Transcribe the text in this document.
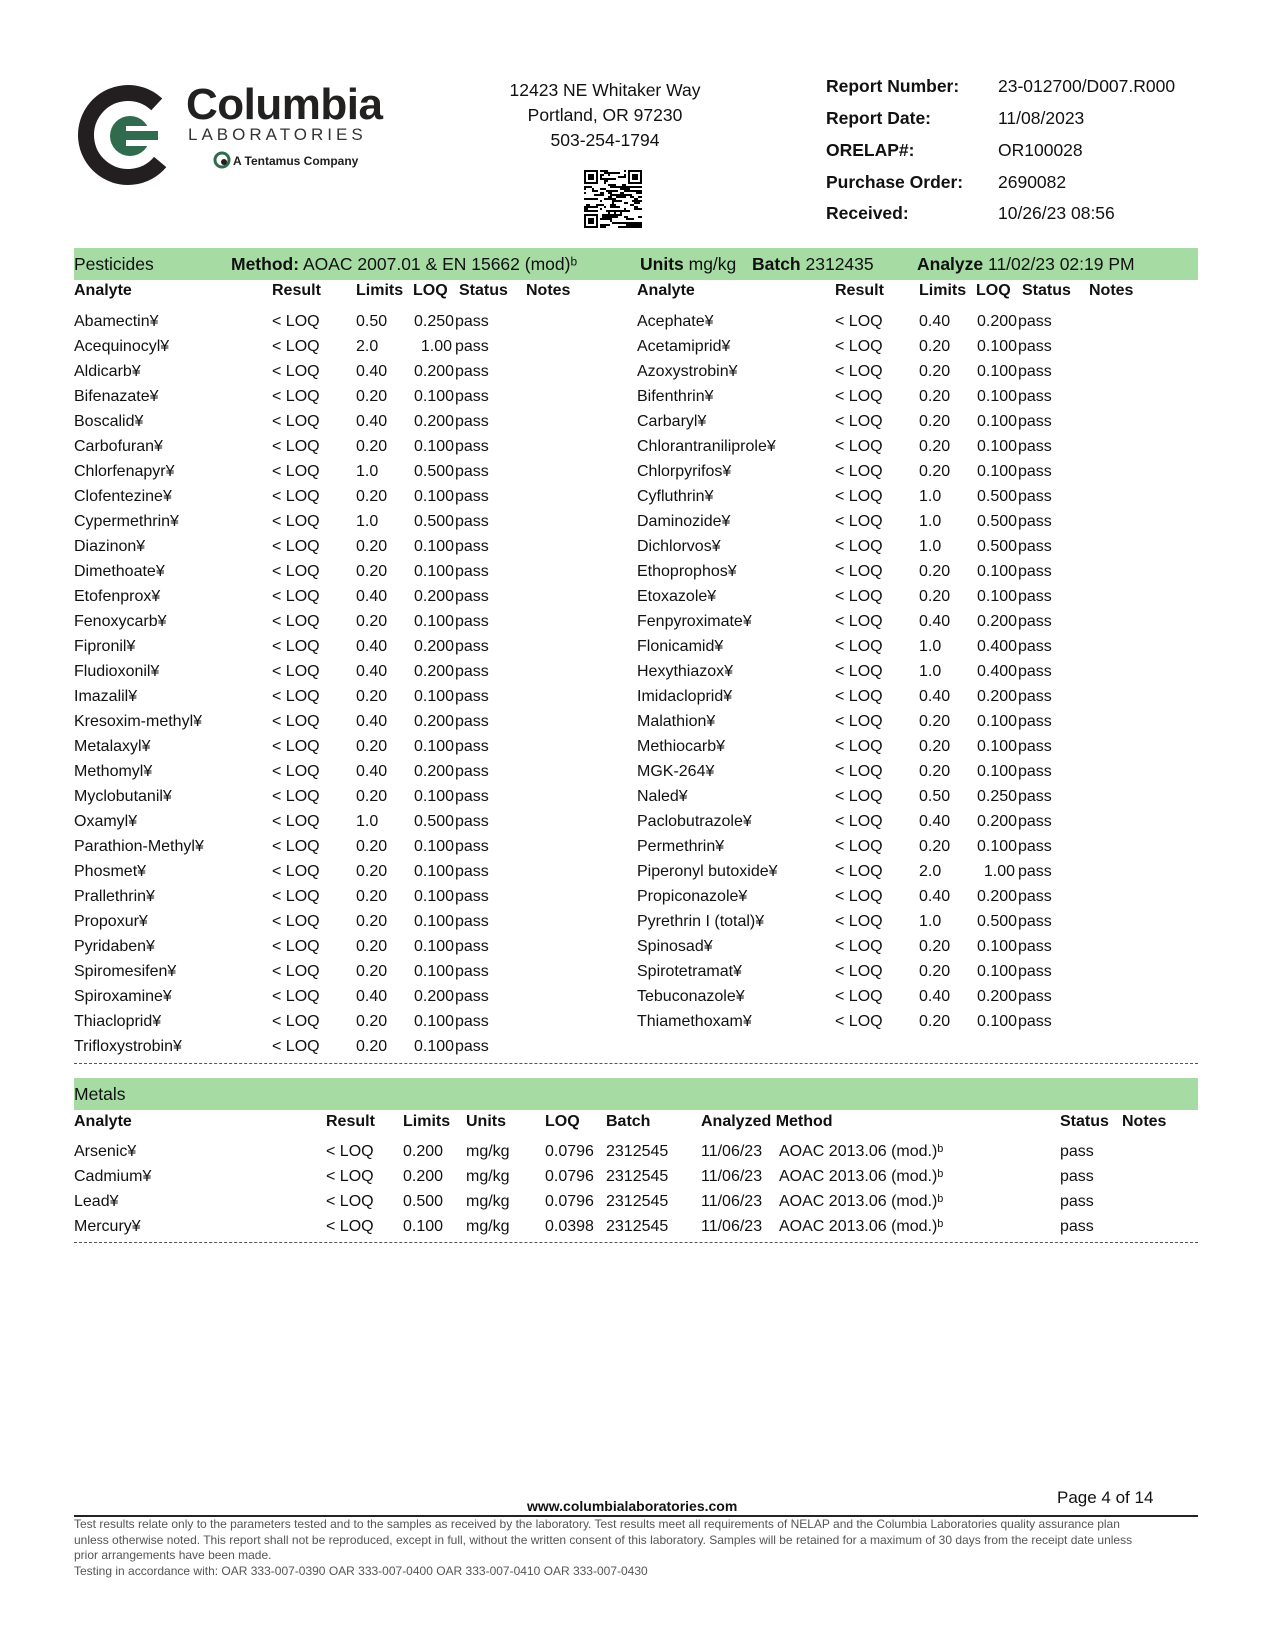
Columbia
LABORATORIES
A Tentamus Company
12423 NE Whitaker Way
Portland, OR 97230
503-254-1794
Report Number: 23-012700/D007.R000
Report Date:	11/08/2023
ORELAP#:	OR100028
Purchase Order: 2690082
Received:	10/26/23 08:56
Pesticides	Method: AOAC 2007.01 & EN 15662 (mod)ᵇ	Units mg/kg Batch 2312435 Analyze 11/02/23 02:19 PM
Analyte	Result Limits LOQ Status Notes	Analyte	Result Limits LOQ Status Notes
Abamectin¥	< LOQ 0.50 0.250 pass
Acequinocyl¥	< LOQ 2.0	1.00 pass
Aldicarb¥	< LOQ 0.40 0.200 pass
Bifenazate¥	< LOQ 0.20 0.100 pass
Boscalid¥	< LOQ 0.40 0.200 pass
Carbofuran¥	< LOQ 0.20 0.100 pass
Chlorfenapyr¥	< LOQ 1.0 0.500 pass
Clofentezine¥	< LOQ 0.20 0.100 pass
Cypermethrin¥	< LOQ 1.0 0.500 pass
Diazinon¥	< LOQ 0.20 0.100 pass
Dimethoate¥	< LOQ 0.20 0.100 pass
Etofenprox¥	< LOQ 0.40 0.200 pass
Fenoxycarb¥	< LOQ 0.20 0.100 pass
Fipronil¥	< LOQ 0.40 0.200 pass
Fludioxonil¥	< LOQ 0.40 0.200 pass
Imazalil¥	< LOQ 0.20 0.100 pass
Kresoxim-methyl¥	< LOQ 0.40 0.200 pass
Metalaxyl¥	< LOQ 0.20 0.100 pass
Methomyl¥	< LOQ 0.40 0.200 pass
Myclobutanil¥	< LOQ 0.20 0.100 pass
Oxamyl¥	< LOQ 1.0 0.500 pass
Parathion-Methyl¥	< LOQ 0.20 0.100 pass
Phosmet¥	< LOQ 0.20 0.100 pass
Prallethrin¥	< LOQ 0.20 0.100 pass
Propoxur¥	< LOQ 0.20 0.100 pass
Pyridaben¥	< LOQ 0.20 0.100 pass
Spiromesifen¥	< LOQ 0.20 0.100 pass
Spiroxamine¥	< LOQ 0.40 0.200 pass
Thiacloprid¥	< LOQ 0.20 0.100 pass
Trifloxystrobin¥	< LOQ 0.20 0.100 pass
Acephate¥	< LOQ 0.40 0.200 pass
Acetamiprid¥	< LOQ 0.20 0.100 pass
Azoxystrobin¥	< LOQ 0.20 0.100 pass
Bifenthrin¥	< LOQ 0.20 0.100 pass
Carbaryl¥	< LOQ 0.20 0.100 pass
Chlorantraniliprole¥	< LOQ 0.20 0.100 pass
Chlorpyrifos¥	< LOQ 0.20 0.100 pass
Cyfluthrin¥	< LOQ 1.0 0.500 pass
Daminozide¥	< LOQ 1.0 0.500 pass
Dichlorvos¥	< LOQ 1.0 0.500 pass
Ethoprophos¥	< LOQ 0.20 0.100 pass
Etoxazole¥	< LOQ 0.20 0.100 pass
Fenpyroximate¥	< LOQ 0.40 0.200 pass
Flonicamid¥	< LOQ 1.0 0.400 pass
Hexythiazox¥	< LOQ 1.0 0.400 pass
Imidacloprid¥	< LOQ 0.40 0.200 pass
Malathion¥	< LOQ 0.20 0.100 pass
Methiocarb¥	< LOQ 0.20 0.100 pass
MGK-264¥	< LOQ 0.20 0.100 pass
Naled¥	< LOQ 0.50 0.250 pass
Paclobutrazole¥	< LOQ 0.40 0.200 pass
Permethrin¥	< LOQ 0.20 0.100 pass
Piperonyl butoxide¥	< LOQ 2.0	1.00 pass
Propiconazole¥	< LOQ 0.40 0.200 pass
Pyrethrin I (total)¥	< LOQ 1.0 0.500 pass
Spinosad¥	< LOQ 0.20 0.100 pass
Spirotetramat¥	< LOQ 0.20 0.100 pass
Tebuconazole¥	< LOQ 0.40 0.200 pass
Thiamethoxam¥	< LOQ 0.20 0.100 pass
Metals
Analyte	Result Limits Units LOQ Batch	Analyzed Method	Status Notes
Arsenic¥	< LOQ 0.200 mg/kg 0.0796 2312545 11/06/23 AOAC 2013.06 (mod.)ᵇ	pass
Cadmium¥	< LOQ 0.200 mg/kg 0.0796 2312545 11/06/23 AOAC 2013.06 (mod.)ᵇ	pass
Lead¥	< LOQ 0.500 mg/kg 0.0796 2312545 11/06/23 AOAC 2013.06 (mod.)ᵇ	pass
Mercury¥	< LOQ 0.100 mg/kg 0.0398 2312545 11/06/23 AOAC 2013.06 (mod.)ᵇ	pass
Page 4 of 14
www.columbialaboratories.com
Test results relate only to the parameters tested and to the samples as received by the laboratory. Test results meet all requirements of NELAP and the Columbia Laboratories quality assurance plan
unless otherwise noted. This report shall not be reproduced, except in full, without the written consent of this laboratory. Samples will be retained for a maximum of 30 days from the receipt date unless
prior arrangements have been made.
Testing in accordance with: OAR 333-007-0390 OAR 333-007-0400 OAR 333-007-0410 OAR 333-007-0430
